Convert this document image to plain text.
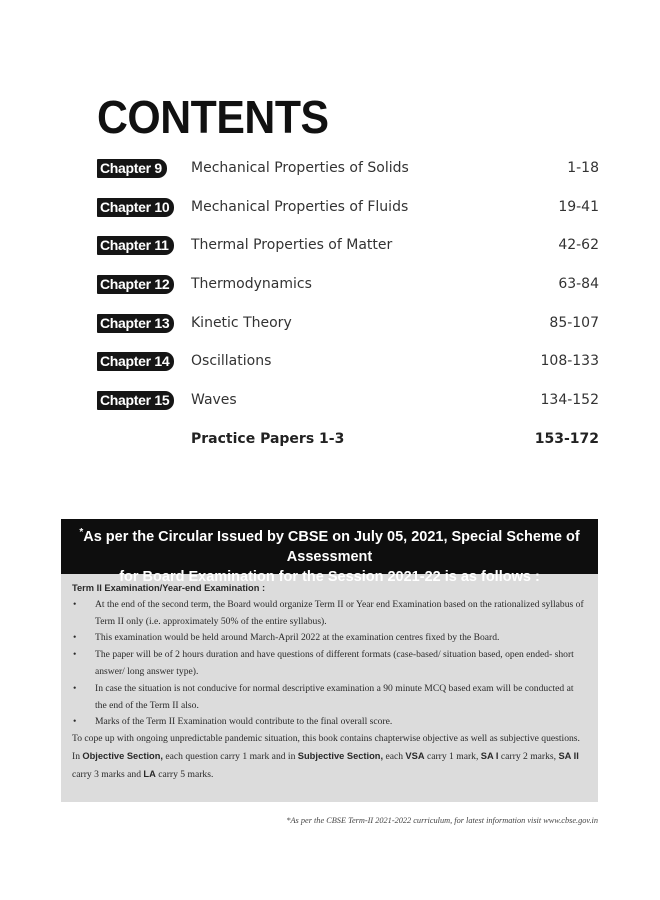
CONTENTS
Chapter 9	Mechanical Properties of Solids	1-18
Chapter 10	Mechanical Properties of Fluids	19-41
Chapter 11	Thermal Properties of Matter	42-62
Chapter 12	Thermodynamics	63-84
Chapter 13	Kinetic Theory	85-107
Chapter 14	Oscillations	108-133
Chapter 15	Waves	134-152
Practice Papers 1-3	153-172
*As per the Circular Issued by CBSE on July 05, 2021, Special Scheme of Assessment
for Board Examination for the Session 2021-22 is as follows :

Term II Examination/Year-end Examination :

• At the end of the second term, the Board would organize Term II or Year end Examination based on the rationalized syllabus of Term II only (i.e. approximately 50% of the entire syllabus).
• This examination would be held around March-April 2022 at the examination centres fixed by the Board.
• The paper will be of 2 hours duration and have questions of different formats (case-based/ situation based, open ended- short answer/ long answer type).
• In case the situation is not conducive for normal descriptive examination a 90 minute MCQ based exam will be conducted at the end of the Term II also.
• Marks of the Term II Examination would contribute to the final overall score.

To cope up with ongoing unpredictable pandemic situation, this book contains chapterwise objective as well as subjective questions.

In Objective Section, each question carry 1 mark and in Subjective Section, each VSA carry 1 mark, SA I carry 2 marks, SA II carry 3 marks and LA carry 5 marks.

*As per the CBSE Term-II 2021-2022 curriculum, for latest information visit www.cbse.gov.in
